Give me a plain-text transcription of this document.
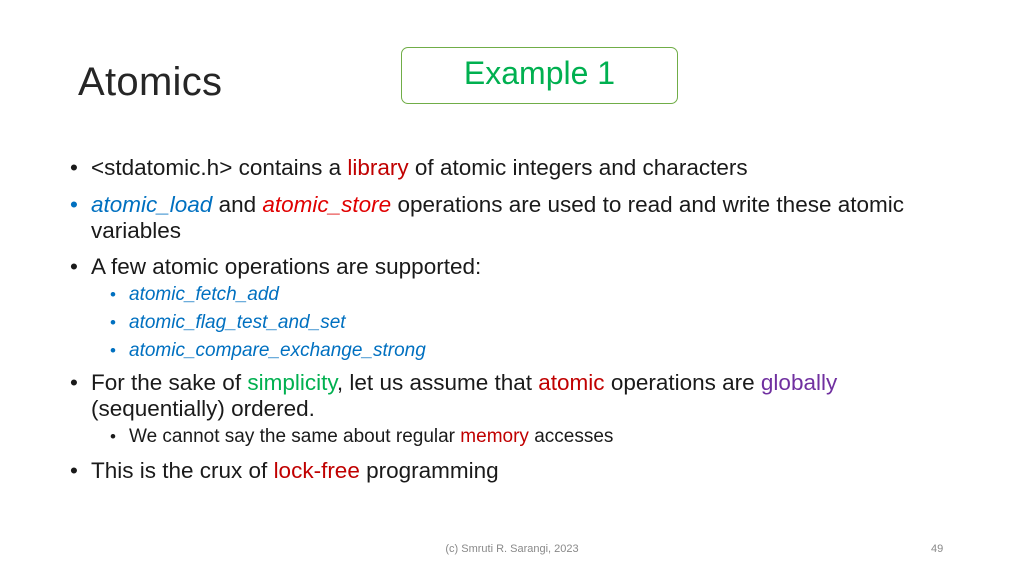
Atomics	Example 1
• <stdatomic.h> contains a library of atomic integers and characters
• atomic_load and atomic_store operations are used to read and write these atomic variables
• A few atomic operations are supported:
• atomic_fetch_add
• atomic_flag_test_and_set
• atomic_compare_exchange_strong
• For the sake of simplicity, let us assume that atomic operations are globally (sequentially) ordered.
• We cannot say the same about regular memory accesses
• This is the crux of lock-free programming
(c) Smruti R. Sarangi, 2023	49
